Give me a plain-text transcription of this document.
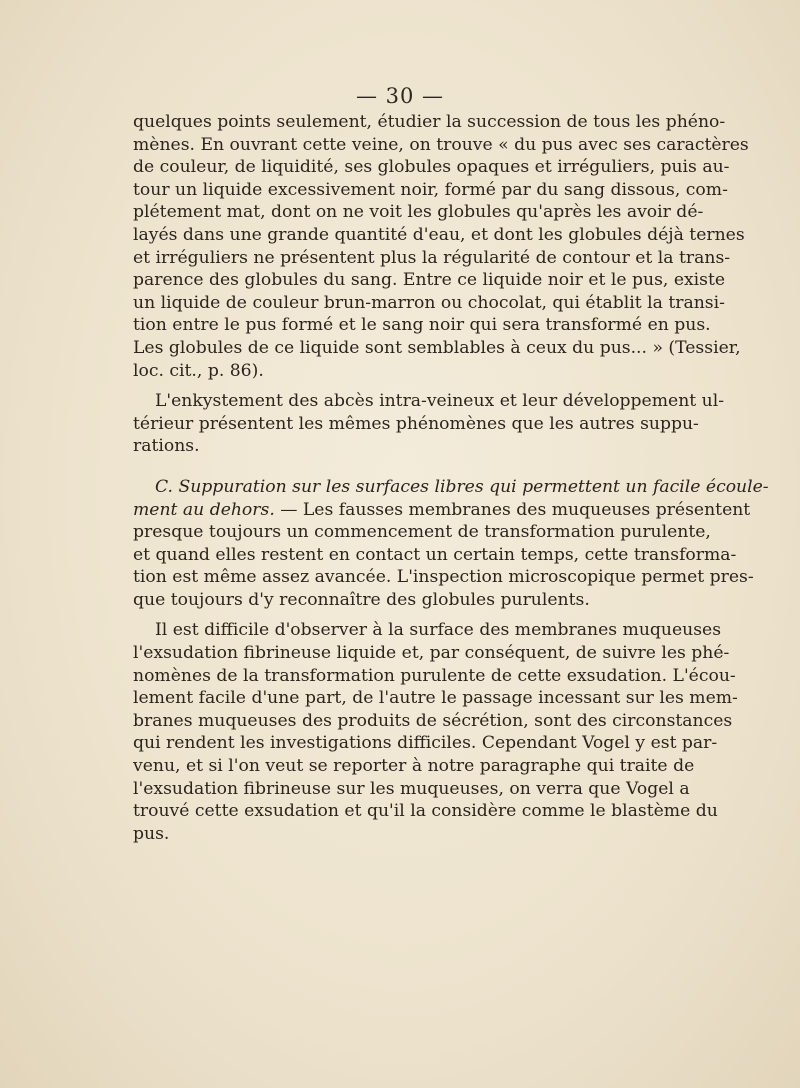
— 30 —
quelques points seulement, étudier la succession de tous les phéno-
mènes. En ouvrant cette veine, on trouve « du pus avec ses caractères
de couleur, de liquidité, ses globules opaques et irréguliers, puis au-
tour un liquide excessivement noir, formé par du sang dissous, com-
plétement mat, dont on ne voit les globules qu'après les avoir dé-
layés dans une grande quantité d'eau, et dont les globules déjà ternes
et irréguliers ne présentent plus la régularité de contour et la trans-
parence des globules du sang. Entre ce liquide noir et le pus, existe
un liquide de couleur brun-marron ou chocolat, qui établit la transi-
tion entre le pus formé et le sang noir qui sera transformé en pus.
Les globules de ce liquide sont semblables à ceux du pus... » (Tessier,
loc. cit., p. 86).
L'enkystement des abcès intra-veineux et leur développement ul-
térieur présentent les mêmes phénomènes que les autres suppu-
rations.
C. Suppuration sur les surfaces libres qui permettent un facile écoule-
ment au dehors. — Les fausses membranes des muqueuses présentent
presque toujours un commencement de transformation purulente,
et quand elles restent en contact un certain temps, cette transforma-
tion est même assez avancée. L'inspection microscopique permet pres-
que toujours d'y reconnaître des globules purulents.
Il est difficile d'observer à la surface des membranes muqueuses
l'exsudation fibrineuse liquide et, par conséquent, de suivre les phé-
nomènes de la transformation purulente de cette exsudation. L'écou-
lement facile d'une part, de l'autre le passage incessant sur les mem-
branes muqueuses des produits de sécrétion, sont des circonstances
qui rendent les investigations difficiles. Cependant Vogel y est par-
venu, et si l'on veut se reporter à notre paragraphe qui traite de
l'exsudation fibrineuse sur les muqueuses, on verra que Vogel a
trouvé cette exsudation et qu'il la considère comme le blastème du
pus.
